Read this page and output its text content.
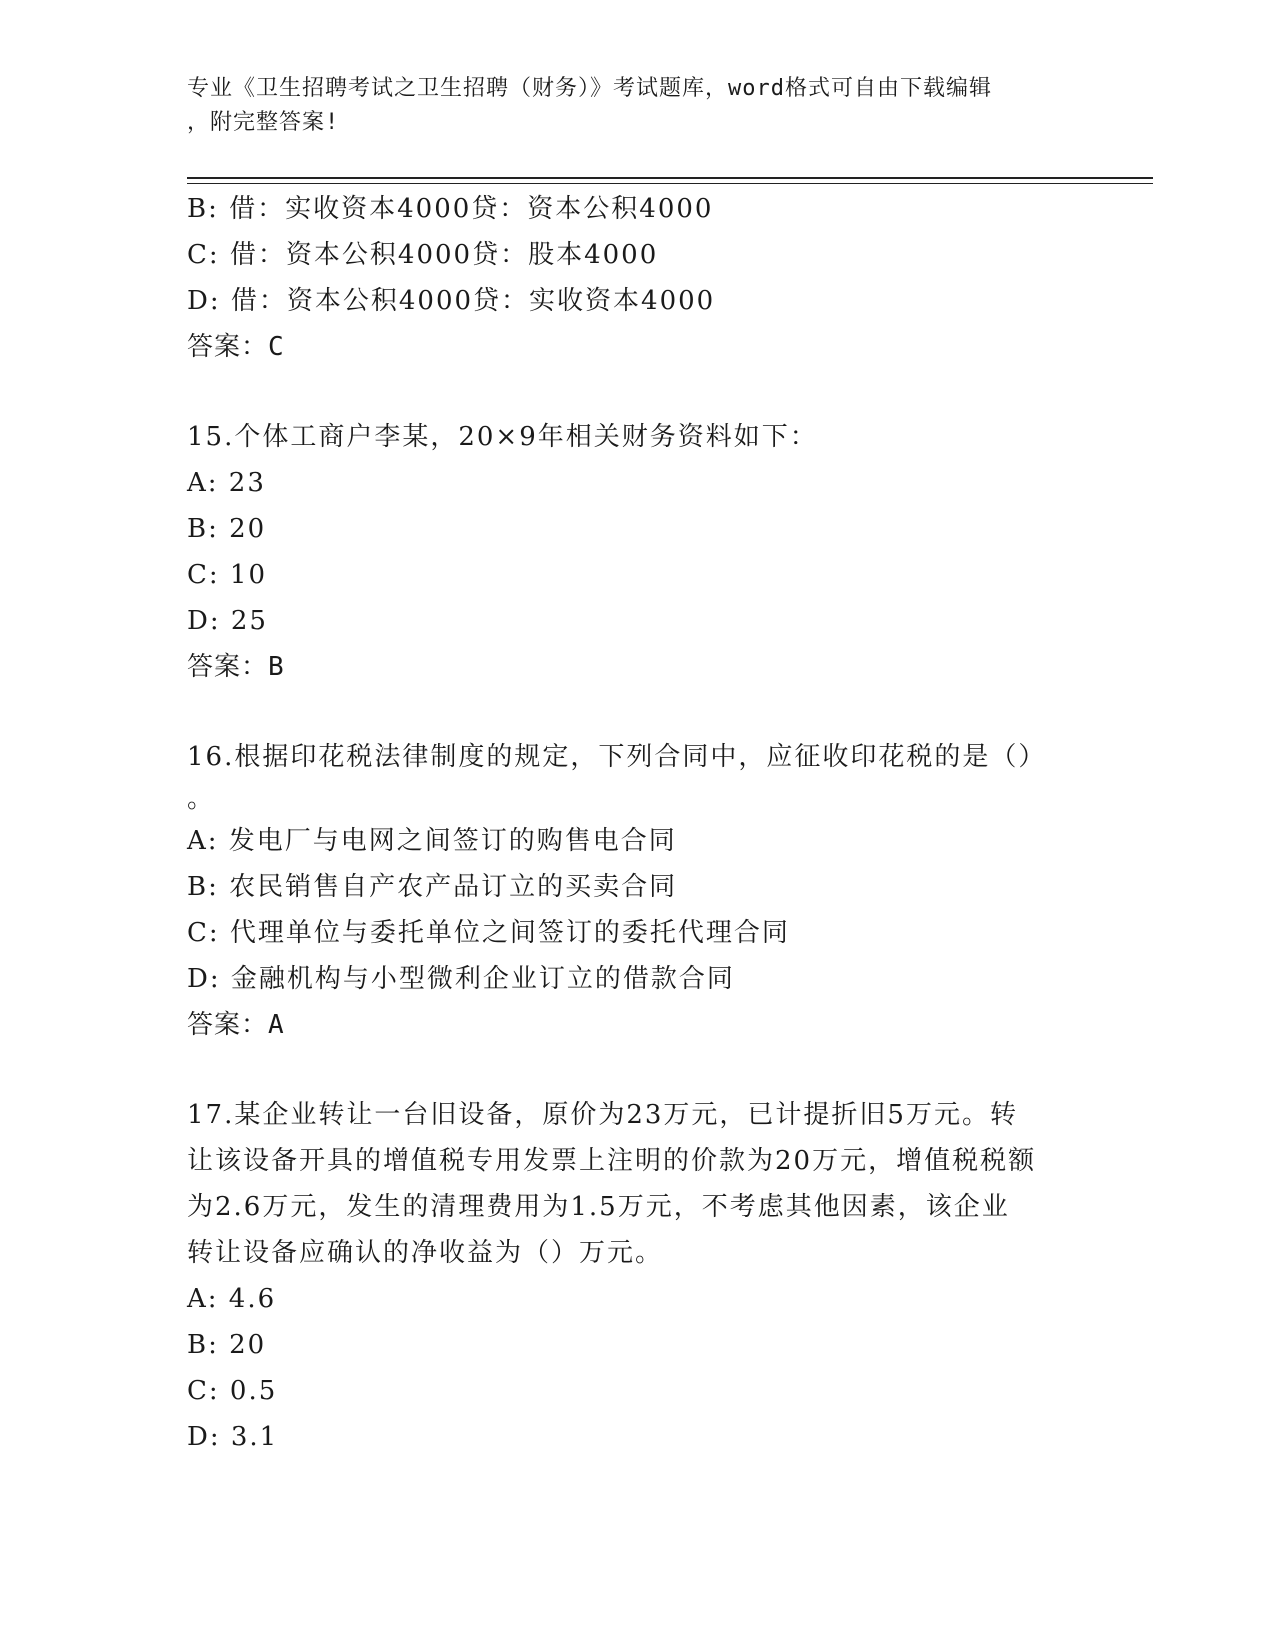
专业《卫生招聘考试之卫生招聘（财务）》考试题库，word格式可自由下载编辑
，附完整答案!
B: 借：实收资本4000贷：资本公积4000
C: 借：资本公积4000贷：股本4000
D: 借：资本公积4000贷：实收资本4000
答案：C
15.个体工商户李某，20×9年相关财务资料如下：
A: 23
B: 20
C: 10
D: 25
答案：B
16.根据印花税法律制度的规定，下列合同中，应征收印花税的是（）
。
A: 发电厂与电网之间签订的购售电合同
B: 农民销售自产农产品订立的买卖合同
C: 代理单位与委托单位之间签订的委托代理合同
D: 金融机构与小型微利企业订立的借款合同
答案：A
17.某企业转让一台旧设备，原价为23万元，已计提折旧5万元。转
让该设备开具的增值税专用发票上注明的价款为20万元，增值税税额
为2.6万元，发生的清理费用为1.5万元，不考虑其他因素，该企业
转让设备应确认的净收益为（）万元。
A: 4.6
B: 20
C: 0.5
D: 3.1
